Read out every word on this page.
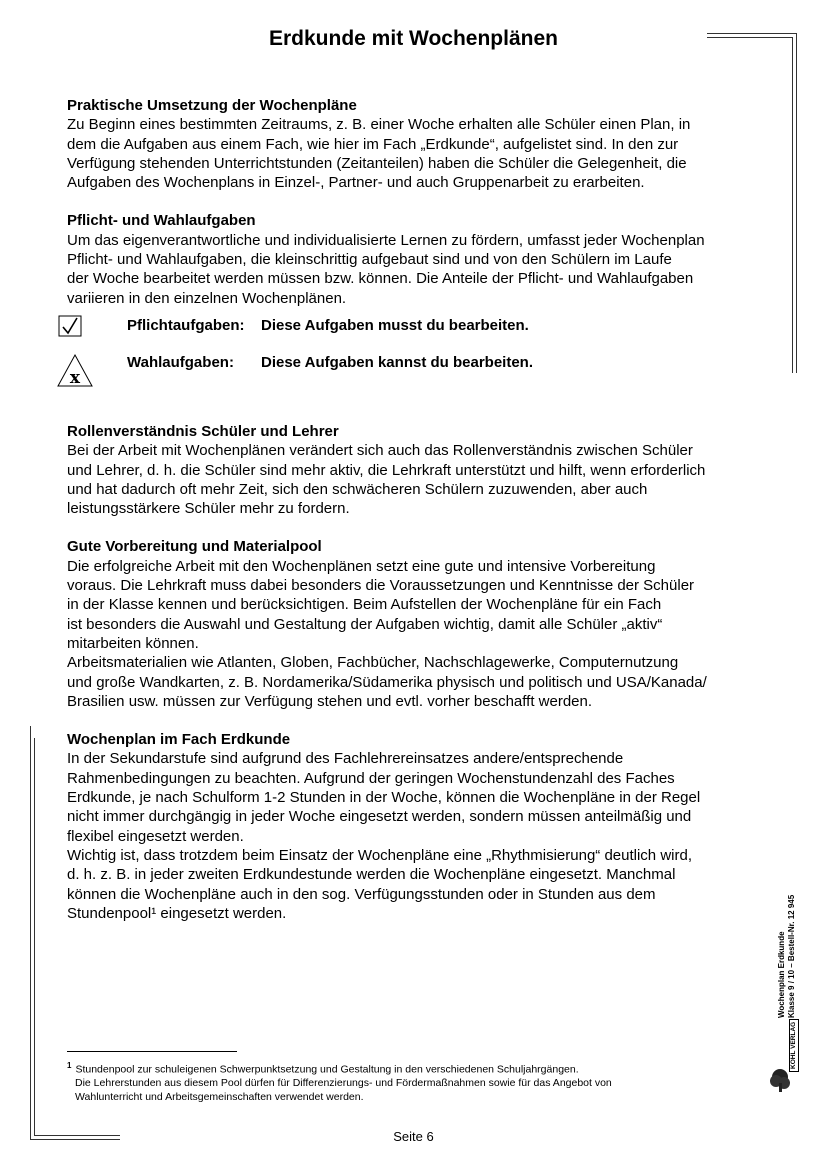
Erdkunde mit Wochenplänen
Praktische Umsetzung der Wochenpläne

Zu Beginn eines bestimmten Zeitraums, z. B. einer Woche erhalten alle Schüler einen Plan, in
dem die Aufgaben aus einem Fach, wie hier im Fach „Erdkunde“, aufgelistet sind. In den zur
Verfügung stehenden Unterrichtstunden (Zeitanteilen) haben die Schüler die Gelegenheit, die
Aufgaben des Wochenplans in Einzel-, Partner- und auch Gruppenarbeit zu erarbeiten.

Pflicht- und Wahlaufgaben

Um das eigenverantwortliche und individualisierte Lernen zu fördern, umfasst jeder Wochenplan
Pflicht- und Wahlaufgaben, die kleinschrittig aufgebaut sind und von den Schülern im Laufe
der Woche bearbeitet werden müssen bzw. können. Die Anteile der Pflicht- und Wahlaufgaben
variieren in den einzelnen Wochenplänen.

Pflichtaufgaben: Diese Aufgaben musst du bearbeiten.
x
Wahlaufgaben: Diese Aufgaben kannst du bearbeiten.
Rollenverständnis Schüler und Lehrer

Bei der Arbeit mit Wochenplänen verändert sich auch das Rollenverständnis zwischen Schüler
und Lehrer, d. h. die Schüler sind mehr aktiv, die Lehrkraft unterstützt und hilft, wenn erforderlich
und hat dadurch oft mehr Zeit, sich den schwächeren Schülern zuzuwenden, aber auch
leistungsstärkere Schüler mehr zu fordern.

Gute Vorbereitung und Materialpool

Die erfolgreiche Arbeit mit den Wochenplänen setzt eine gute und intensive Vorbereitung
voraus. Die Lehrkraft muss dabei besonders die Voraussetzungen und Kenntnisse der Schüler
in der Klasse kennen und berücksichtigen. Beim Aufstellen der Wochenpläne für ein Fach
ist besonders die Auswahl und Gestaltung der Aufgaben wichtig, damit alle Schüler „aktiv“
mitarbeiten können.
Arbeitsmaterialien wie Atlanten, Globen, Fachbücher, Nachschlagewerke, Computernutzung
und große Wandkarten, z. B. Nordamerika/Südamerika physisch und politisch und USA/Kanada/
Brasilien usw. müssen zur Verfügung stehen und evtl. vorher beschafft werden.

Wochenplan im Fach Erdkunde

In der Sekundarstufe sind aufgrund des Fachlehrereinsatzes andere/entsprechende
Rahmenbedingungen zu beachten. Aufgrund der geringen Wochenstundenzahl des Faches
Erdkunde, je nach Schulform 1-2 Stunden in der Woche, können die Wochenpläne in der Regel
nicht immer durchgängig in jeder Woche eingesetzt werden, sondern müssen anteilmäßig und
flexibel eingesetzt werden.
Wichtig ist, dass trotzdem beim Einsatz der Wochenpläne eine „Rhythmisierung“ deutlich wird,
d. h. z. B. in jeder zweiten Erdkundestunde werden die Wochenpläne eingesetzt. Manchmal
können die Wochenpläne auch in den sog. Verfügungsstunden oder in Stunden aus dem
Stundenpool¹ eingesetzt werden.

$^1$ Stundenpool zur schuleigenen Schwerpunktsetzung und Gestaltung in den verschiedenen Schuljahrgängen.
Die Lehrerstunden aus diesem Pool dürfen für Differenzierungs- und Fördermaßnahmen sowie für das Angebot von
Wahlunterricht und Arbeitsgemeinschaften verwendet werden.
Wochenplan Erdkunde Klasse 9 / 10 – Bestell-Nr. 12 945
KOHL VERLAG
Seite 6
